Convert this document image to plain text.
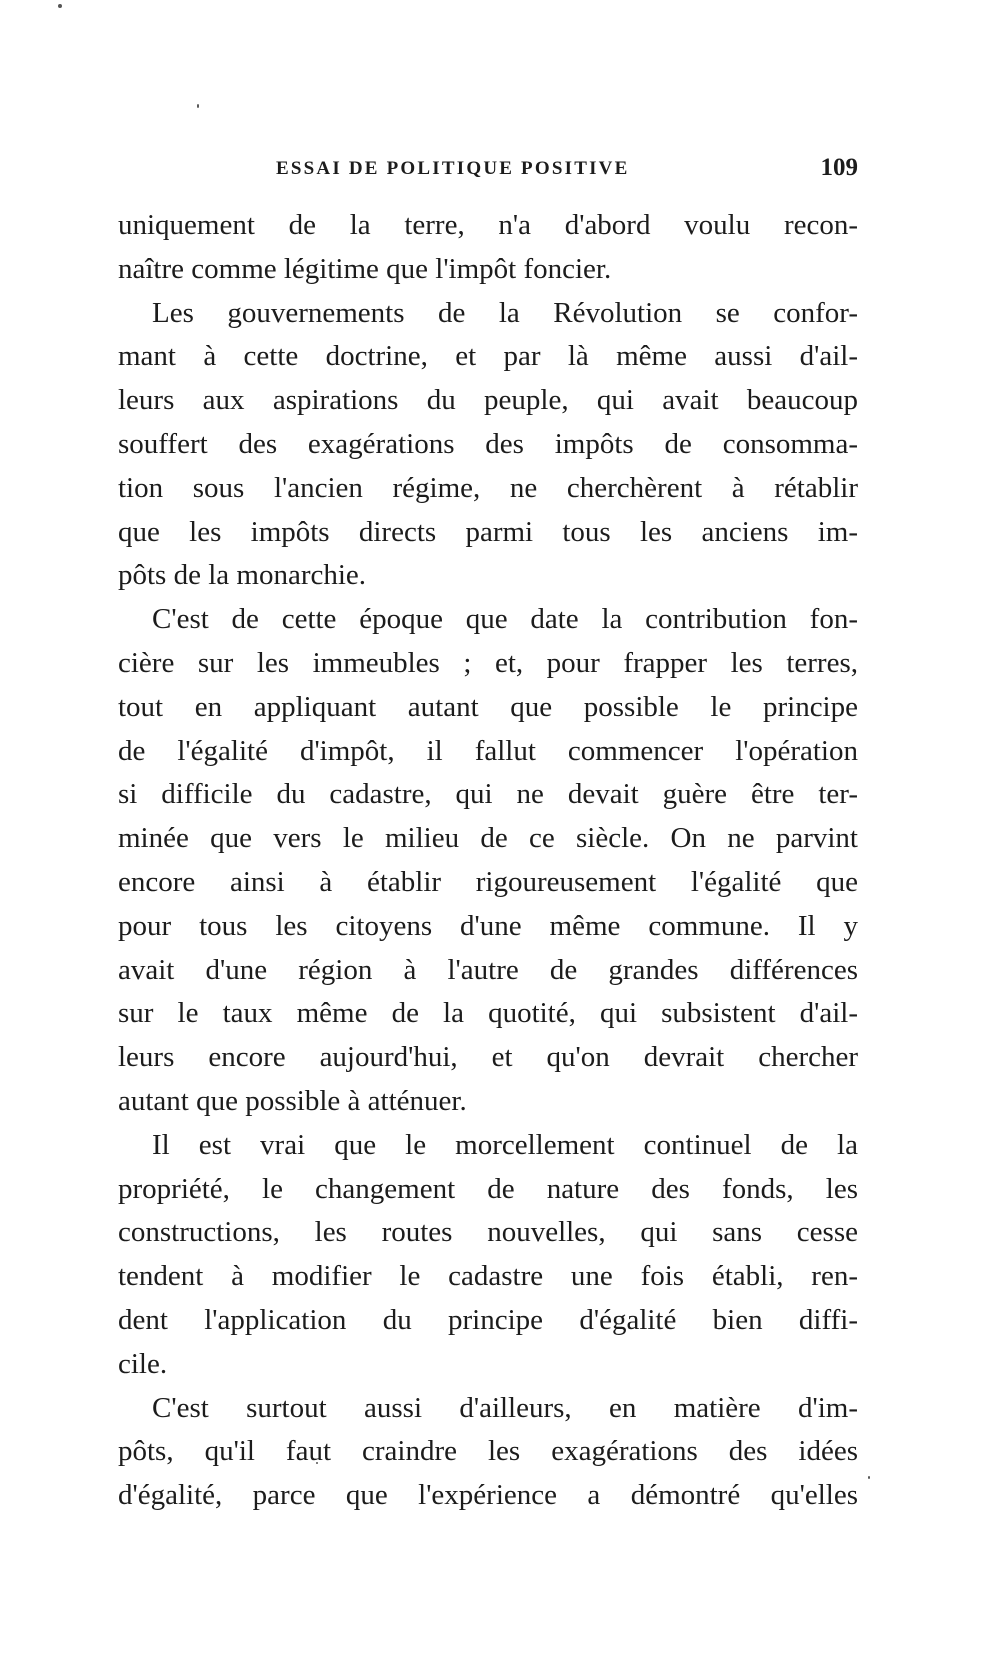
ESSAI DE POLITIQUE POSITIVE	109
uniquement de la terre, n'a d'abord voulu recon-
naître comme légitime que l'impôt foncier.
Les gouvernements de la Révolution se confor-
mant à cette doctrine, et par là même aussi d'ail-
leurs aux aspirations du peuple, qui avait beaucoup
souffert des exagérations des impôts de consomma-
tion sous l'ancien régime, ne cherchèrent à rétablir
que les impôts directs parmi tous les anciens im-
pôts de la monarchie.
C'est de cette époque que date la contribution fon-
cière sur les immeubles ; et, pour frapper les terres,
tout en appliquant autant que possible le principe
de l'égalité d'impôt, il fallut commencer l'opération
si difficile du cadastre, qui ne devait guère être ter-
minée que vers le milieu de ce siècle. On ne parvint
encore ainsi à établir rigoureusement l'égalité que
pour tous les citoyens d'une même commune. Il y
avait d'une région à l'autre de grandes différences
sur le taux même de la quotité, qui subsistent d'ail-
leurs encore aujourd'hui, et qu'on devrait chercher
autant que possible à atténuer.
Il est vrai que le morcellement continuel de la
propriété, le changement de nature des fonds, les
constructions, les routes nouvelles, qui sans cesse
tendent à modifier le cadastre une fois établi, ren-
dent l'application du principe d'égalité bien diffi-
cile.
C'est surtout aussi d'ailleurs, en matière d'im-
pôts, qu'il faut craindre les exagérations des idées
d'égalité, parce que l'expérience a démontré qu'elles
